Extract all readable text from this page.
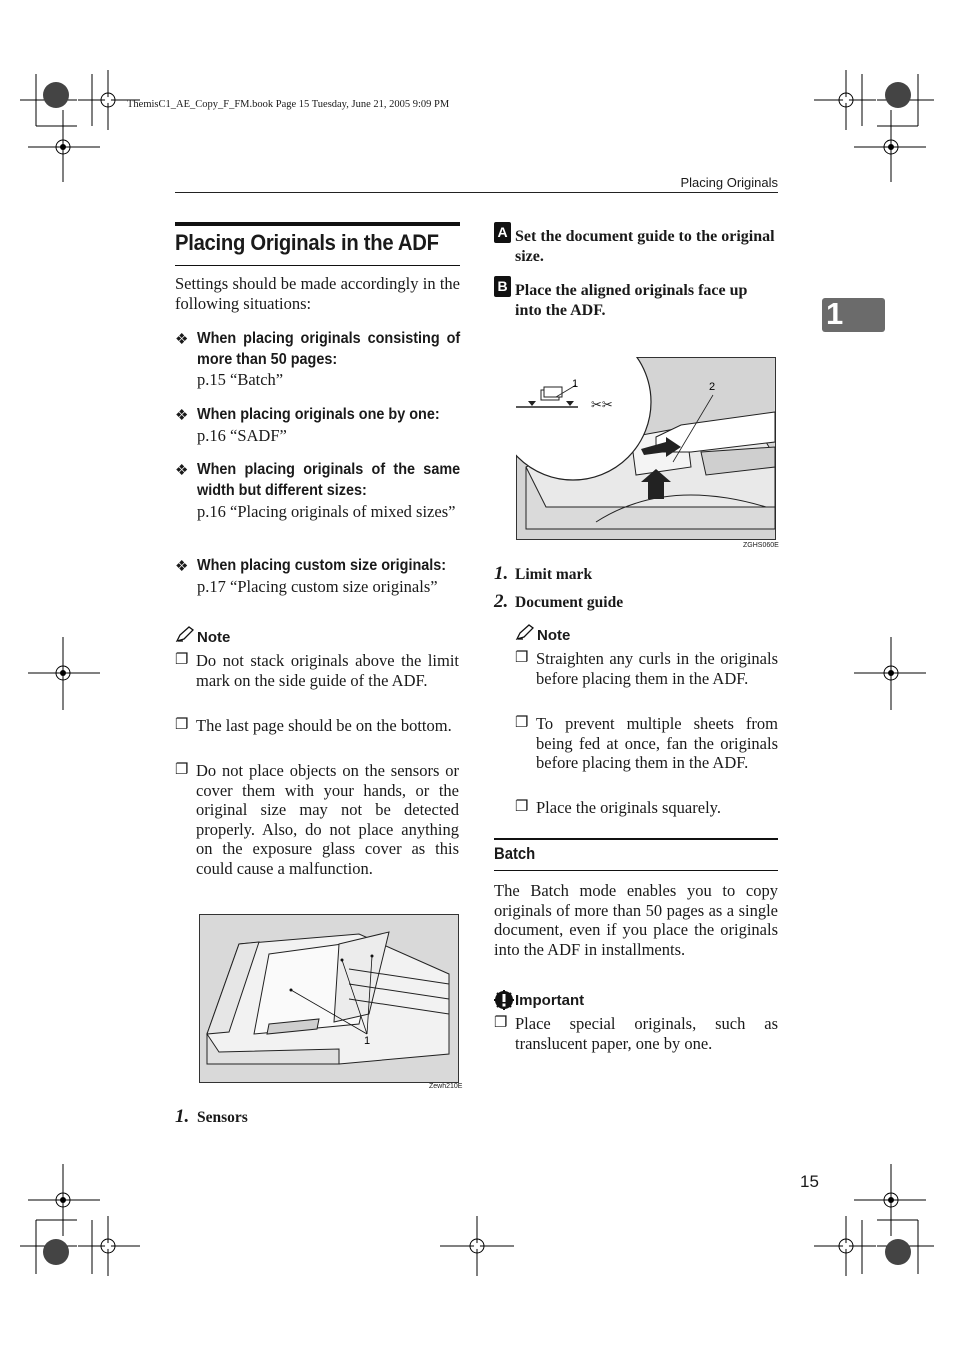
ThemisC1_AE_Copy_F_FM.book Page 15 Tuesday, June 21, 2005 9:09 PM
Placing Originals
1
Placing Originals in the ADF
Settings should be made accordingly in the following situations:
❖ When placing originals consisting of more than 50 pages:
p.15 “Batch”
❖ When placing originals one by one:
p.16 “SADF”
❖ When placing originals of the same width but different sizes:
p.16 “Placing originals of mixed sizes”
❖ When placing custom size originals:
p.17 “Placing custom size originals”
Note
❐ Do not stack originals above the limit mark on the side guide of the ADF.
❐ The last page should be on the bottom.
❐ Do not place objects on the sensors or cover them with your hands, or the original size may not be detected properly. Also, do not place anything on the exposure glass cover as this could cause a malfunction.
1
Zewh210E
1. Sensors
A Set the document guide to the original size.
B Place the aligned originals face up into the ADF.
✂✂
1	2
ZGHS060E
1. Limit mark
2. Document guide
Note
❐ Straighten any curls in the originals before placing them in the ADF.
❐ To prevent multiple sheets from being fed at once, fan the originals before placing them in the ADF.
❐ Place the originals squarely.
Batch
The Batch mode enables you to copy originals of more than 50 pages as a single document, even if you place the originals into the ADF in installments.
Important
❐ Place special originals, such as translucent paper, one by one.
15
